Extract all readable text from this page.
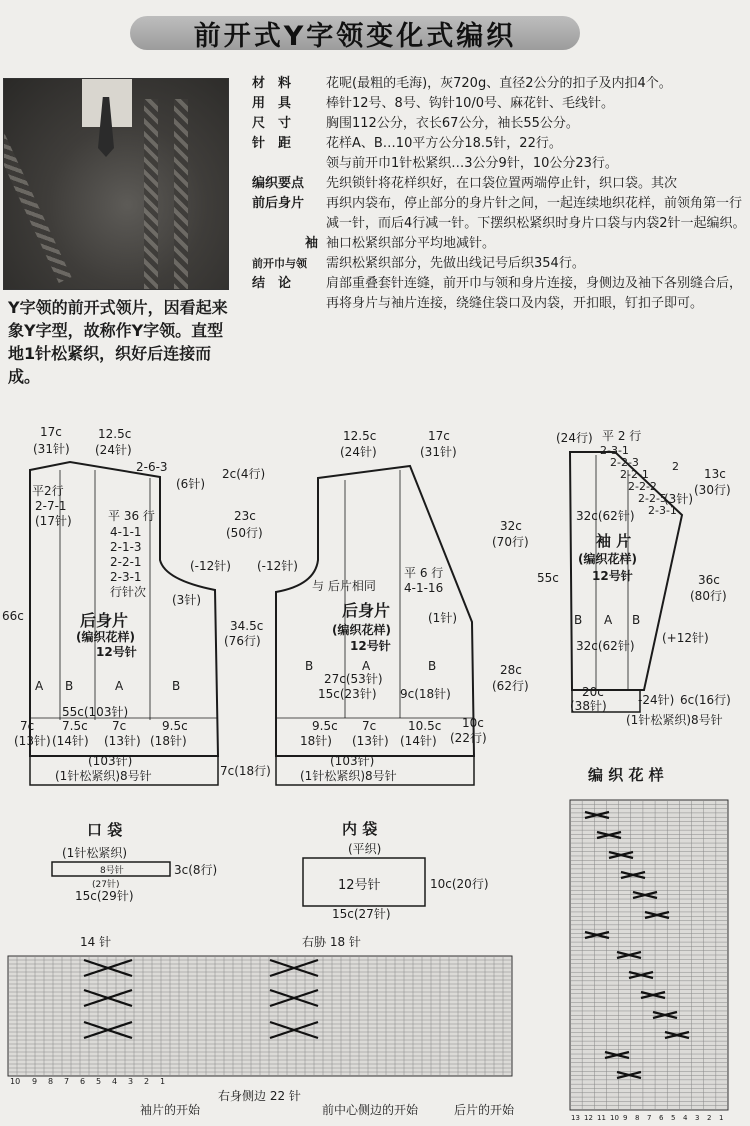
前开式Y字领变化式编织
Y字领的前开式领片，因看起来象Y字型，故称作Y字领。直型地1针松紧织，织好后连接而成。
材　料	花呢(最粗的毛海)，灰720g、直径2公分的扣子及内扣4个。
用　具	棒针12号、8号、钩针10/0号、麻花针、毛线针。
尺　寸	胸围112公分，衣长67公分，袖长55公分。
针　距	花样A、B…10平方公分18.5针，22行。
领与前开巾1针松紧织…3公分9针，10公分23行。
编织要点	先织锁针将花样织好，在口袋位置两端停止针，织口袋。其次
前后身片	再织内袋布，停止部分的身片针之间，一起连续地织花样，前领角第一行减一针，而后4行减一针。下摆织松紧织时身片口袋与内袋2针一起编织。
袖 袖口松紧织部分平均地减针。
前开巾与领	需织松紧织部分，先做出线记号后织354行。
结　论	肩部重叠套针连缝，前开巾与领和身片连接，身侧边及袖下各别缝合后，再将身片与袖片连接，绕缝住袋口及内袋，开扣眼，钉扣子即可。
17c
(31针)
12.5c
(24针)
2-6-3
(6针)
2c(4行)
平2行
2-7-1
(17针)	平 36 行
4-1-1
2-1-3
2-2-1
2-3-1
行针次
23c
(50行)
(-12针) (-12针)
(3针)
66c	后身片
(编织花样)
12号针
A B	A	B
34.5c
(76行)
55c(103针)
7c
(13针)
7.5c
(14针)
7c
(13针)
9.5c
(18针)
(103针)
(1针松紧织)8号针	7c(18行)
12.5c
(24针)
17c
(31针)
与 后片相同
平 6 行
4-1-16
(1针)
后身片
(编织花样)
12号针
B	A	B
27c(53针)
15c(23针) 9c(18针)
32c
(70行)
28c
(62行)
9.5c
18针)
7c
(13针)
10.5c
(14针)
10c
(22行)
(103针)
(1针松紧织)8号针
(24行) 平 2 行
2-3-1
2-2-3
2-2-1
2-2-2
2-2-5
2-3-1
2
(3针)
13c
(30行)
32c(62针)
袖 片
(编织花样)
12号针
55c	36c
(80行)
B A B
32c(62针)
(+12针)
20c
(38针)	-24针) 6c(16行)
(1针松紧织)8号针
口 袋
(1针松紧织)
8号针
(27针)
15c(29针)
3c(8行)
内 袋
(平织)
12号针	10c(20行)
15c(27针)
编 织 花 样
14 针	右胁 18 针
右身侧边 22 针
袖片的开始	前中心侧边的开始	后片的开始
10 9 8 7 6 5 4 3 2 1
13 12 11 10 9 8 7 6 5 4 3 2 1
